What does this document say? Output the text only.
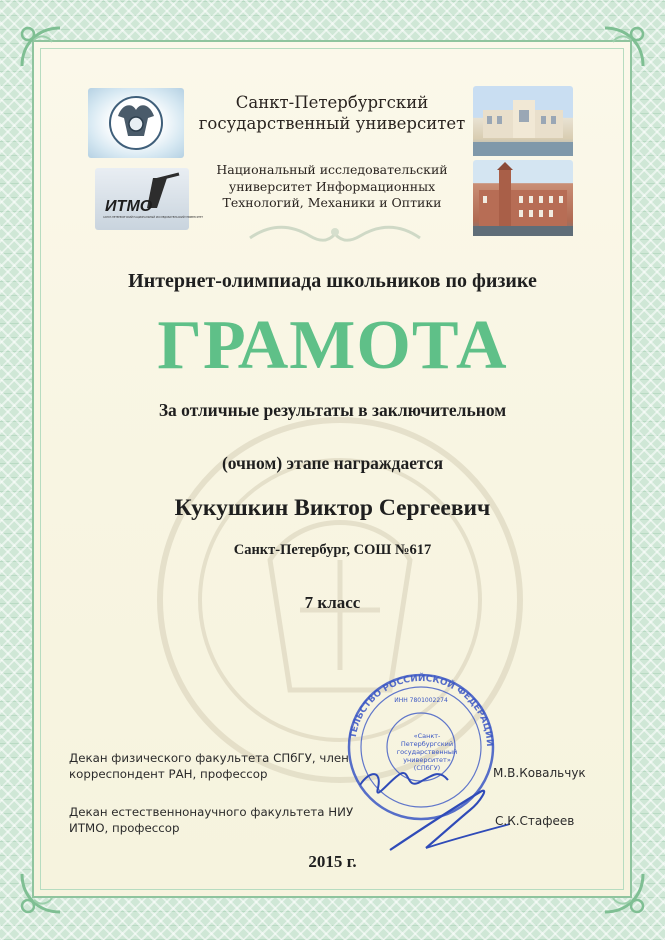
ИТМО
САНКТ-ПЕТЕРБУРГСКИЙ НАЦИОНАЛЬНЫЙ ИССЛЕДОВАТЕЛЬСКИЙ УНИВЕРСИТЕТ
Санкт-Петербургский государственный университет
Национальный исследовательский университет Информационных Технологий, Механики и Оптики
Интернет-олимпиада школьников по физике
ГРАМОТА
За отличные результаты в заключительном
(очном) этапе награждается
Кукушкин Виктор Сергеевич
Санкт-Петербург, СОШ №617
7 класс
ТЕЛЬСТВО РОССИЙСКОЙ ФЕДЕРАЦИИ
ИНН 7801002274
«Санкт-Петербургский государственный университет» (СПбГУ)
Декан физического факультета СПбГУ, член корреспондент РАН, профессор	М.В.Ковальчук
Декан естественнонаучного факультета НИУ ИТМО, профессор	С.К.Стафеев
2015 г.
